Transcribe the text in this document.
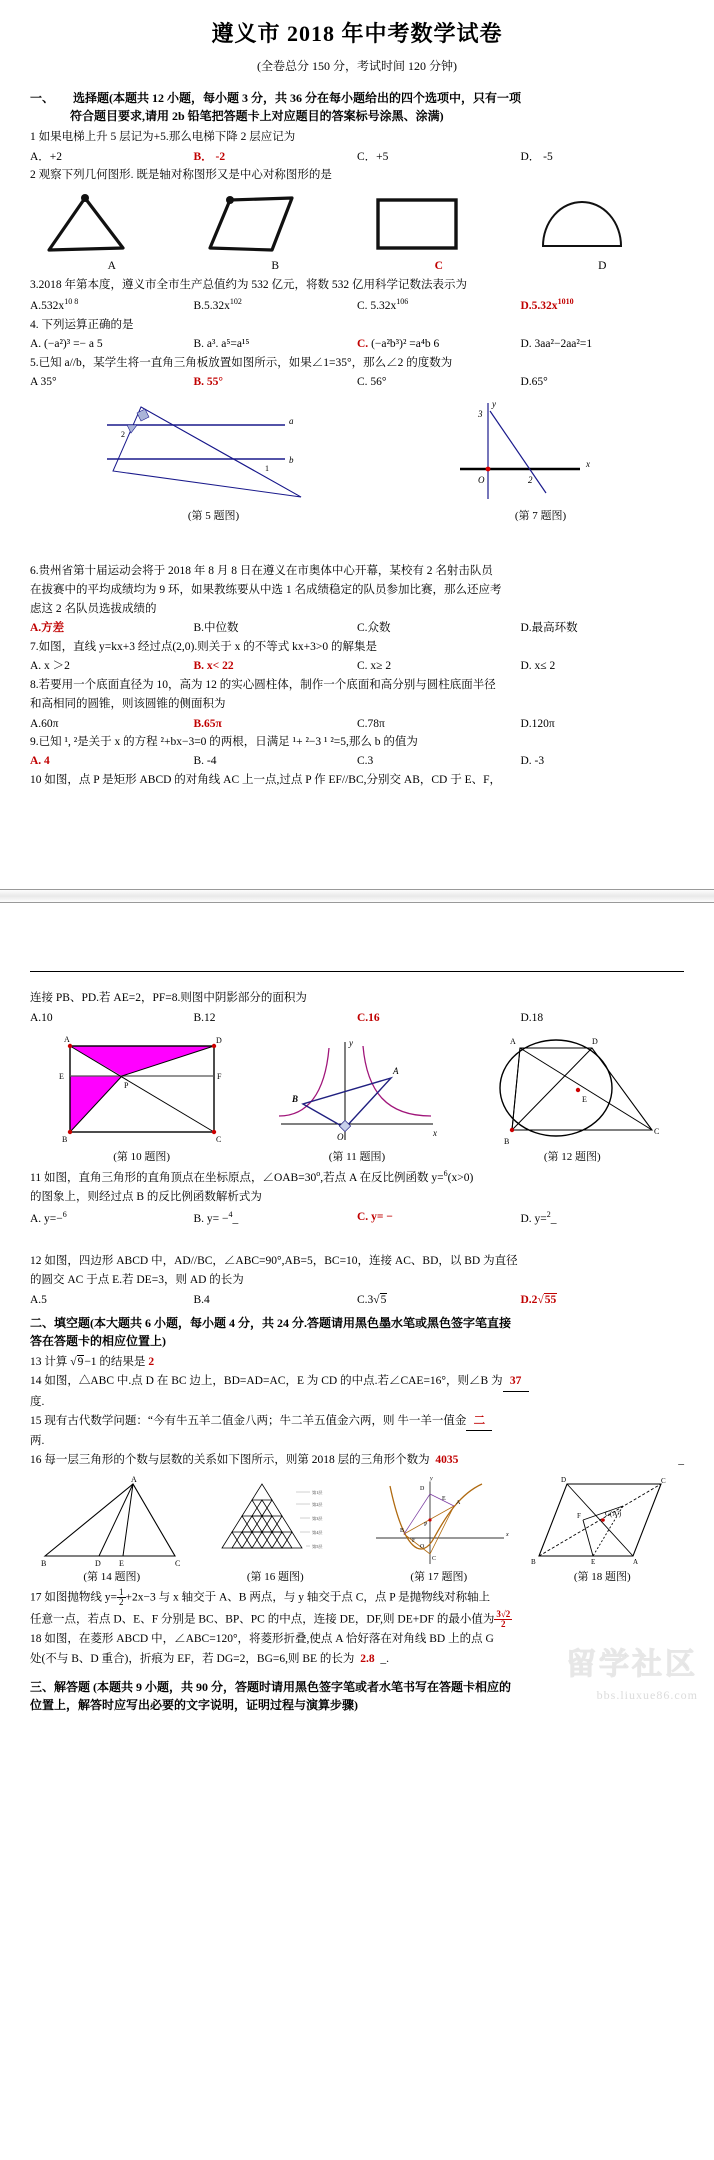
遵义市 2018 年中考数学试卷
(全卷总分 150 分，考试时间 120 分钟)
一、 选择题(本题共 12 小题，每小题 3 分，共 36 分在每小题给出的四个选项中，只有一项
符合题目要求,请用 2b 铅笔把答题卡上对应题目的答案标号涂黑、涂满)
1 如果电梯上升 5 层记为+5.那么电梯下降 2 层应记为
A．+2	B． -2	C．+5	D． -5
2 观察下列几何图形. 既是轴对称图形又是中心对称图形的是
A	B	C	D
3.2018 年第本度，遵义市全市生产总值约为 532 亿元，将数 532 亿用科学记数法表示为
$A.532x^{10 8}$	$B.5.32x^{102}$	C. $5.32x^{106}$	$D.5.32x^{1010}$
4. 下列运算正确的是
A. (−a²)³ =− a 5	B. a³. a⁵=a¹⁵	C. (−a²b³)² =a⁴b 6	D. 3aa²−2aa²=1
5.已知 a//b，某学生将一直角三角板放置如图所示，如果∠1=35°，那么∠2 的度数为
A 35°	B. 55°	C. 56°	D.65°
a
b
2
1
(第 5 题图)
3
2
O
x
y
(第 7 题图)
6.贵州省第十届运动会将于 2018 年 8 月 8 日在遵义在市奥体中心开幕，某校有 2 名射击队员
在拔赛中的平均成绩均为 9 环，如果教练要从中选 1 名成绩稳定的队员参加比赛，那么还应考
虑这 2 名队员选拔成绩的
A.方差	B.中位数	C.众数	D.最高环数
7.如图，直线 y=kx+3 经过点(2,0).则关于 x 的不等式 kx+3>0 的解集是
A. x ＞2	B. x< 22	C. x≥ 2	D. x≤ 2
8.若要用一个底面直径为 10，高为 12 的实心圆柱体，制作一个底面和高分别与圆柱底面半径
和高相同的圆锥，则该圆锥的侧面积为
A.60π	B.65π	C.78π	D.120π
9.已知 ¹, ²是关于 x 的方程 ²+bx−3=0 的两根，日满足 ¹+ ²−3 ¹ ²=5,那么 b 的值为
A. 4	B. -4	C.3	D. -3
10 如图，点 P 是矩形 ABCD 的对角线 AC 上一点,过点 P 作 EF//BC,分别交 AB，CD 于 E、F，
连接 PB、PD.若 AE=2，PF=8.则图中阴影部分的面积为
A.10	B.12	C.16	D.18
A	D
E	F
B	C
P
(第 10 题图)
A
B
O	x
y
(第 11 题围)
A	D
B
C
E
(第 12 题图)
11 如图，直角三角形的直角顶点在坐标原点，$\angle OAB=30^o$,若点 A 在反比例函数 y=$^6$(x>0)
的图象上，则经过点 B 的反比例函数解析式为
A. y=−$^6$	B. y= −$^4$_	C. y= −	D. y=$^2$_
12 如图，四边形 ABCD 中，AD//BC，∠ABC=90°,AB=5，BC=10，连接 AC、BD，以 BD 为直径
的圆交 AC 于点 E.若 DE=3，则 AD 的长为
A.5	B.4	C.3√5	D.2√55
二、填空题(本大题共 6 小题，每小题 4 分，共 24 分.答题请用黑色墨水笔或黑色签字笔直接
答在答题卡的相应位置上)
13 计算 √9−1 的结果是 2
14 如图，△ABC 中.点 D 在 BC 边上，BD=AD=AC，E 为 CD 的中点.若∠CAE=16°，则∠B 为 37
度.
15 现有古代数学问题：“今有牛五羊二值金八两；牛二羊五值金六两，则 牛一羊一值金 二
两.
16 每一层三角形的个数与层数的关系如下图所示，则第 2018 层的三角形个数为 4035	_
A
B	D E	C
(第 14 题图)
第1层
第2层
第3层
第4层
第5层
(第 16 题图)
y
x
O
B
A
P
C
D
E
F
(第 17 题图)
D	C
B	A
F
E
G(A')
(第 18 题图)
17 如图抛物线 $y= \frac{1}{2} +2x-3$ 与 x 轴交于 A、B 两点，与 y 轴交于点 C，点 P 是抛物线对称轴上
任意一点，若点 D、E、F 分别是 BC、BP、PC 的中点，连接 DE，DF,则 DE+DF 的最小值为 $\frac{3√2}{2}$
18 如图，在菱形 ABCD 中，∠ABC=120°，将菱形折叠,使点 A 恰好落在对角线 BD 上的点 G
处(不与 B、D 重合)，折痕为 EF，若 DG=2，BG=6,则 BE 的长为 2.8  _.
三、解答题 (本题共 9 小题，共 90 分，答题时请用黑色签字笔或者水笔书写在答题卡相应的
位置上，解答时应写出必要的文字说明，证明过程与演算步骤)
留学社区
bbs.liuxue86.com
